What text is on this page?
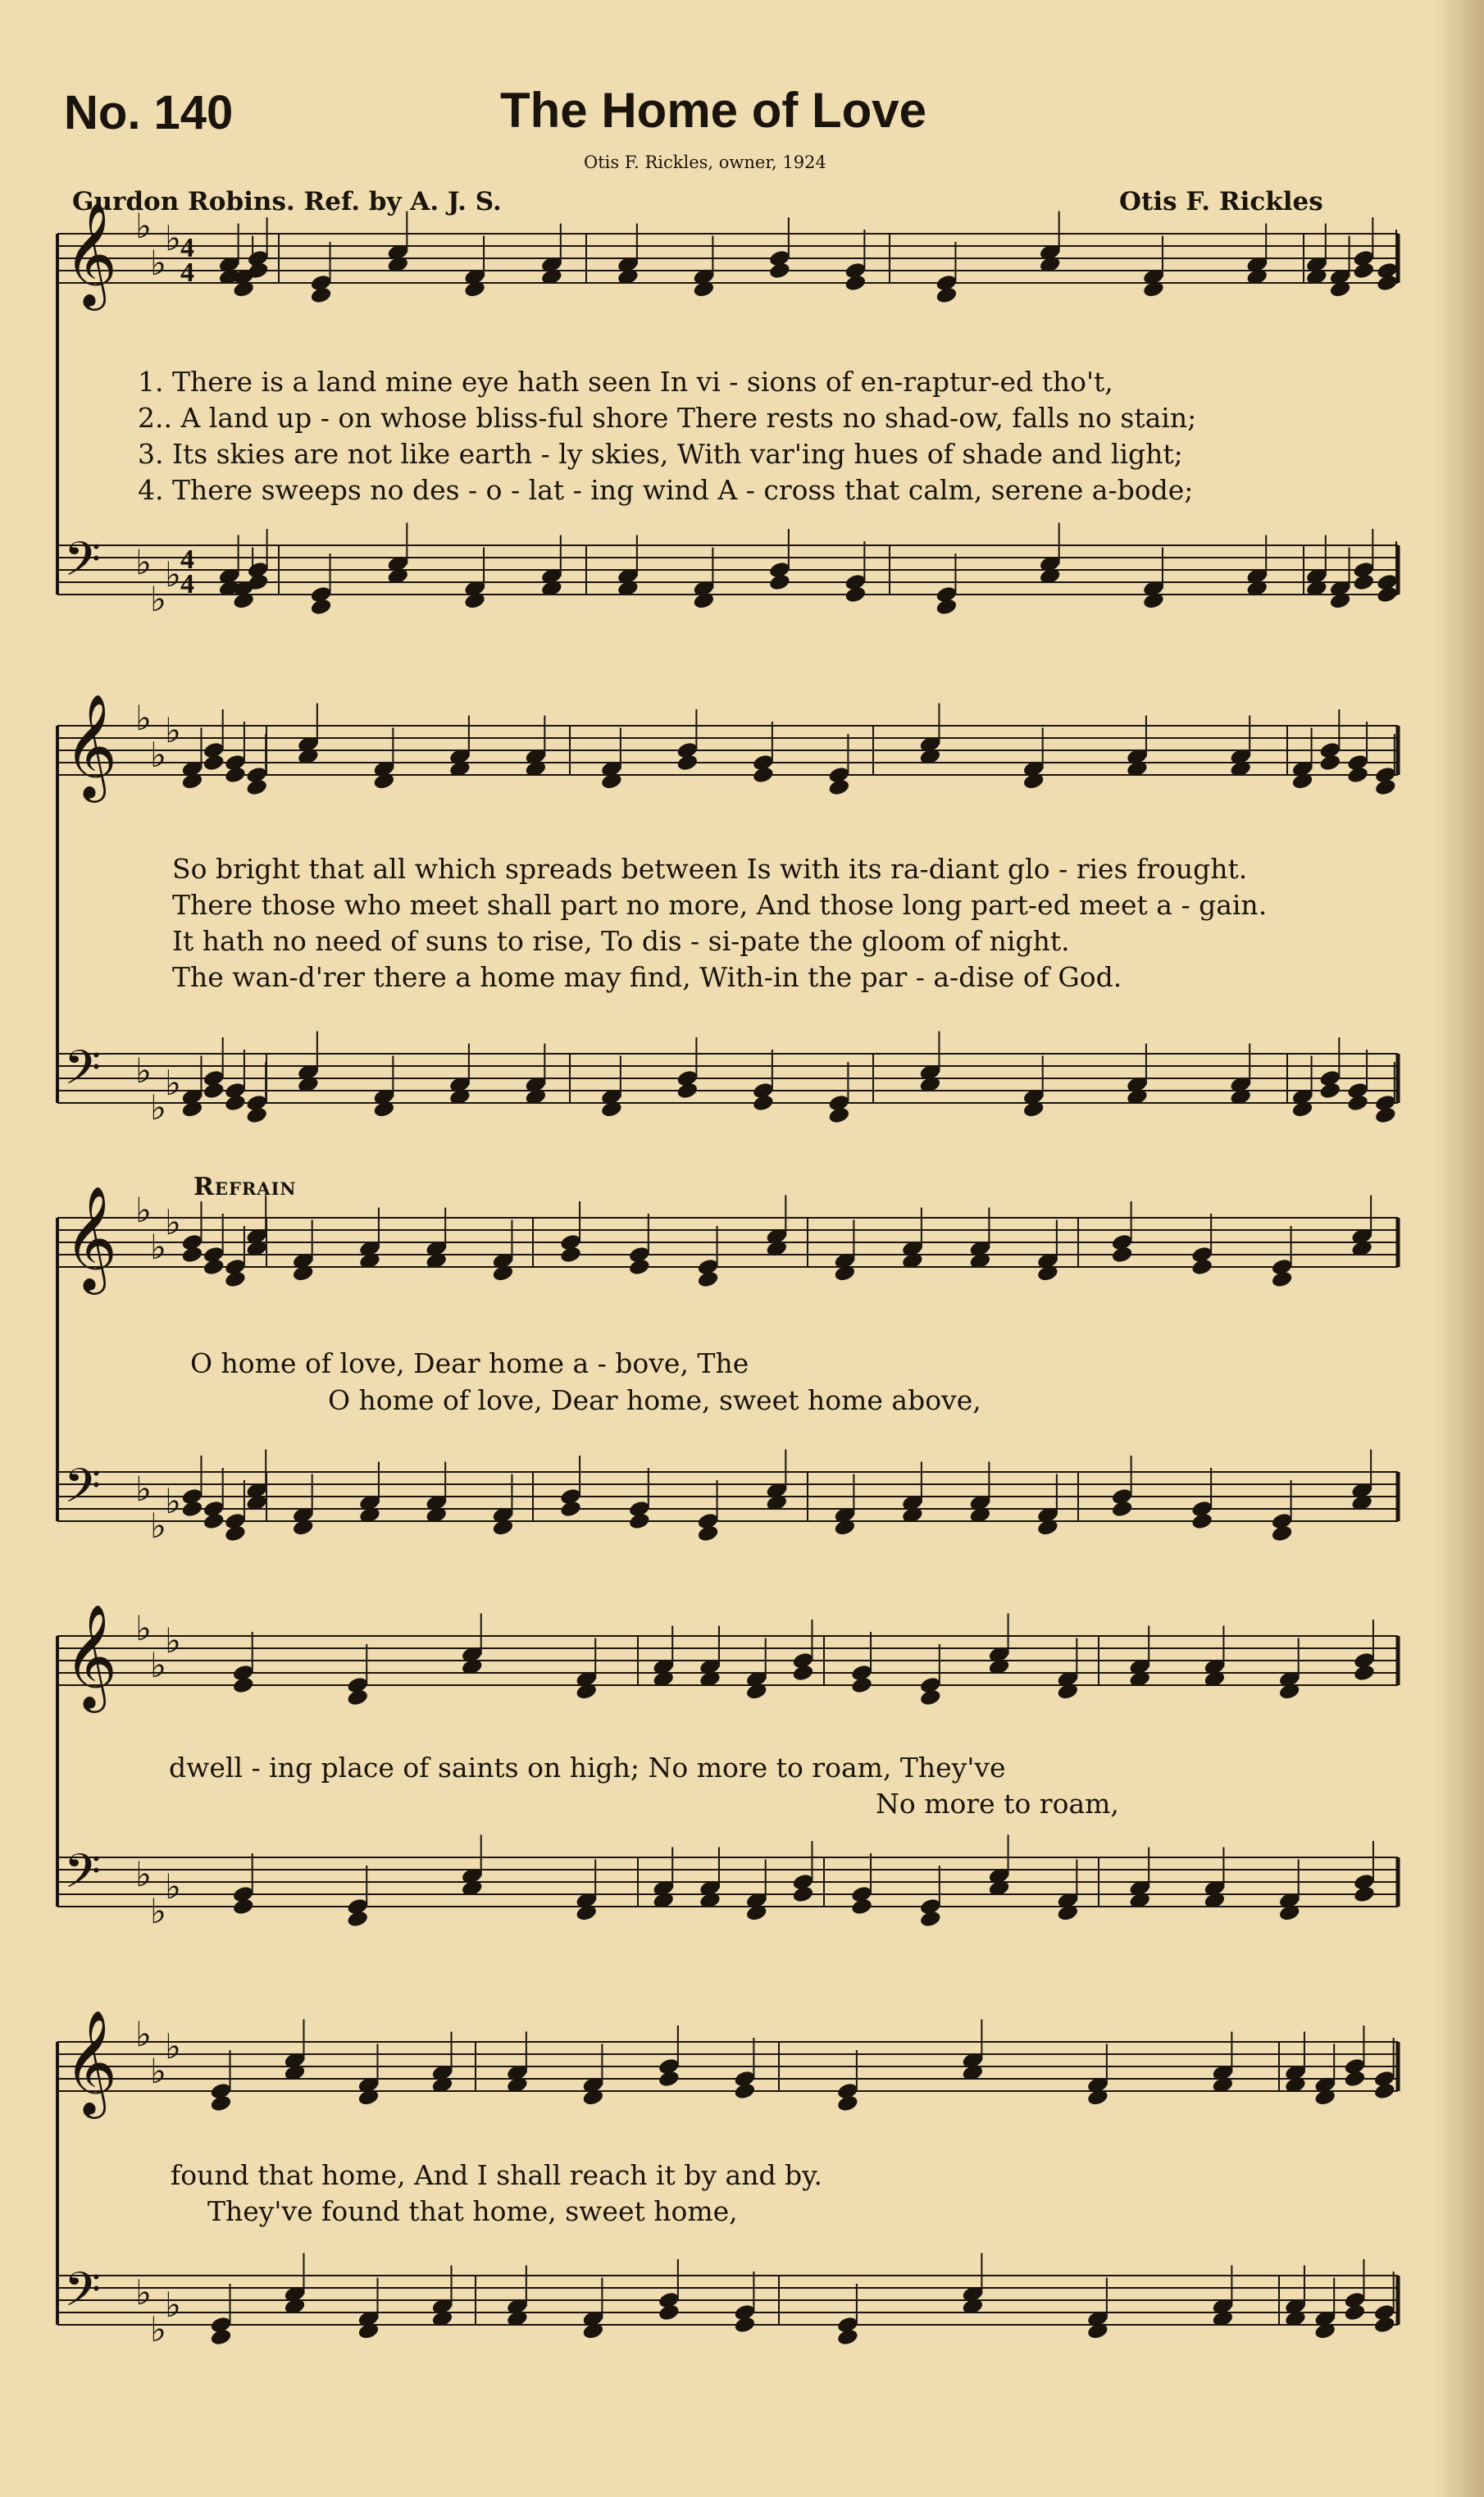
No. 140	The Home of Love
Otis F. Rickles, owner, 1924
Gurdon Robins. Ref. by A. J. S.	Otis F. Rickles
𝄞 ♭
♭
♭ 4
4
𝄢 ♭
♭
♭ 4
4
𝄞 ♭
♭
♭
𝄢 ♭
♭
♭
𝄞 ♭
♭
♭
𝄢 ♭
♭
♭
𝄞 ♭
♭
♭
𝄢 ♭
♭
♭
𝄞 ♭
♭
♭
𝄢 ♭
♭
♭
1. There is a land mine eye hath seen In vi - sions of en-raptur-ed tho't,
2.. A land up - on whose bliss-ful shore There rests no shad-ow, falls no stain;
3. Its skies are not like earth - ly skies, With var'ing hues of shade and light;
4. There sweeps no des - o - lat - ing wind A - cross that calm, serene a-bode;
So bright that all which spreads between Is with its ra-diant glo - ries frought.
There those who meet shall part no more, And those long part-ed meet a - gain.
It hath no need of suns to rise, To dis - si-pate the gloom of night.
The wan-d'rer there a home may find, With-in the par - a-dise of God.
Refrain
O home of love, Dear home a - bove, The
O home of love, Dear home, sweet home above,
dwell - ing place of saints on high; No more to roam, They've
No more to roam,
found that home, And I shall reach it by and by.
They've found that home, sweet home,
